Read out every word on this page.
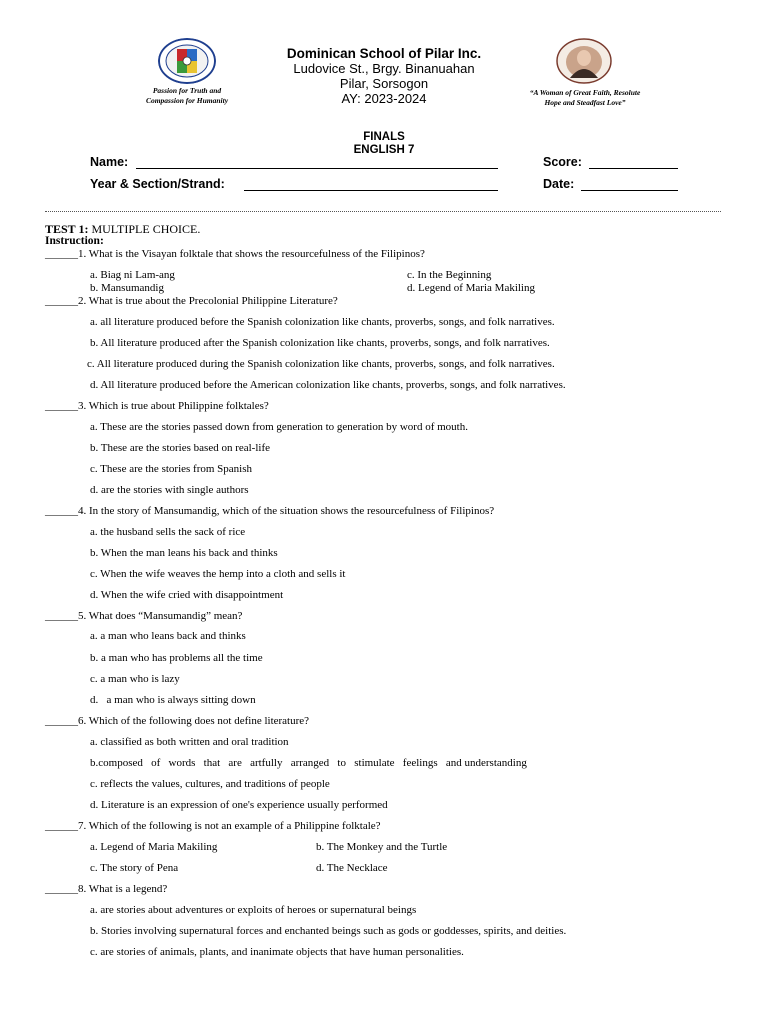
Passion for Truth and
Compassion for Humanity
Dominican School of Pilar Inc.
Ludovice St., Brgy. Binanuahan
Pilar, Sorsogon
AY: 2023-2024	“A Woman of Great Faith, Resolute
Hope and Steadfast Love”
FINALS
ENGLISH 7
Name:	Score:
Year & Section/Strand:	Date:
TEST 1: MULTIPLE CHOICE.
Instruction:
______1. What is the Visayan folktale that shows the resourcefulness of the Filipinos?
a. Biag ni Lam-ang	c. In the Beginning
b. Mansumandig	d. Legend of Maria Makiling
______2. What is true about the Precolonial Philippine Literature?
a. all literature produced before the Spanish colonization like chants, proverbs, songs, and folk narratives.
b. All literature produced after the Spanish colonization like chants, proverbs, songs, and folk narratives.
c. All literature produced during the Spanish colonization like chants, proverbs, songs, and folk narratives.
d. All literature produced before the American colonization like chants, proverbs, songs, and folk narratives.
______3. Which is true about Philippine folktales?
a. These are the stories passed down from generation to generation by word of mouth.
b. These are the stories based on real-life
c. These are the stories from Spanish
d. are the stories with single authors
______4. In the story of Mansumandig, which of the situation shows the resourcefulness of Filipinos?
a. the husband sells the sack of rice
b. When the man leans his back and thinks
c. When the wife weaves the hemp into a cloth and sells it
d. When the wife cried with disappointment
______5. What does “Mansumandig” mean?
a. a man who leans back and thinks
b. a man who has problems all the time
c. a man who is lazy
d.   a man who is always sitting down
______6. Which of the following does not define literature?
a. classified as both written and oral tradition
b.composed   of   words   that   are   artfully   arranged   to   stimulate   feelings   and understanding
c. reflects the values, cultures, and traditions of people
d. Literature is an expression of one's experience usually performed
______7. Which of the following is not an example of a Philippine folktale?
a. Legend of Maria Makiling	b. The Monkey and the Turtle
c. The story of Pena	d. The Necklace
______8. What is a legend?
a. are stories about adventures or exploits of heroes or supernatural beings
b. Stories involving supernatural forces and enchanted beings such as gods or goddesses, spirits, and deities.
c. are stories of animals, plants, and inanimate objects that have human personalities.
